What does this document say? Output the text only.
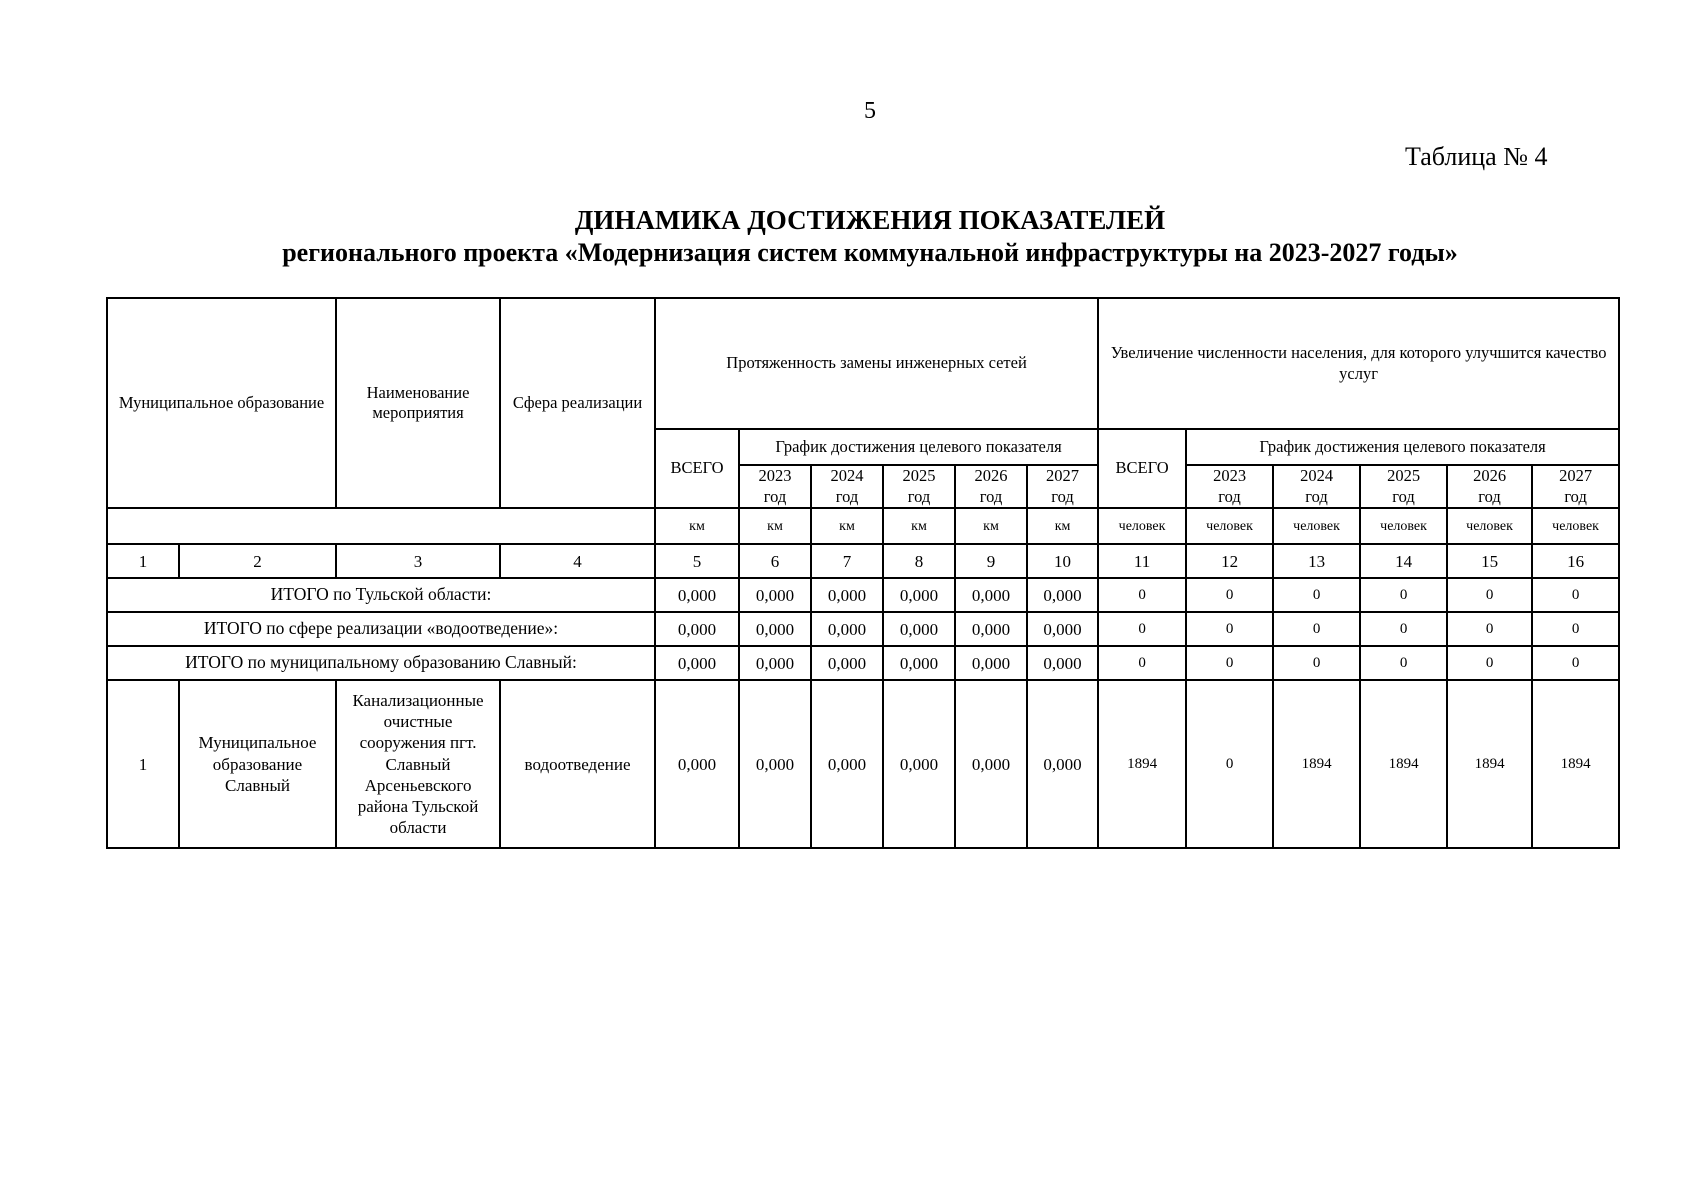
5
Таблица № 4
ДИНАМИКА ДОСТИЖЕНИЯ ПОКАЗАТЕЛЕЙ
регионального проекта «Модернизация систем коммунальной инфраструктуры на 2023-2027 годы»
Муниципальное образование		Наименование мероприятия	Сфера реализации	Протяженность замены инженерных сетей						Увеличение численности населения, для которого улучшится качество услуг					
				ВСЕГО	График достижения целевого показателя					ВСЕГО	График достижения целевого показателя				
					2023 год	2024 год	2025 год	2026 год	2027 год		2023 год	2024 год	2025 год	2026 год	2027 год
				км	км	км	км	км	км	человек	человек	человек	человек	человек	человек
1	2	3	4	5	6	7	8	9	10	11	12	13	14	15	16
ИТОГО по Тульской области:				0,000	0,000	0,000	0,000	0,000	0,000	0	0	0	0	0	0
ИТОГО по сфере реализации «водоотведение»:				0,000	0,000	0,000	0,000	0,000	0,000	0	0	0	0	0	0
ИТОГО по муниципальному образованию Славный:				0,000	0,000	0,000	0,000	0,000	0,000	0	0	0	0	0	0
1	Муниципальное образование Славный	Канализационные очистные сооружения пгт. Славный Арсеньевского района Тульской области	водоотведение	0,000	0,000	0,000	0,000	0,000	0,000	1894	0	1894	1894	1894	1894
